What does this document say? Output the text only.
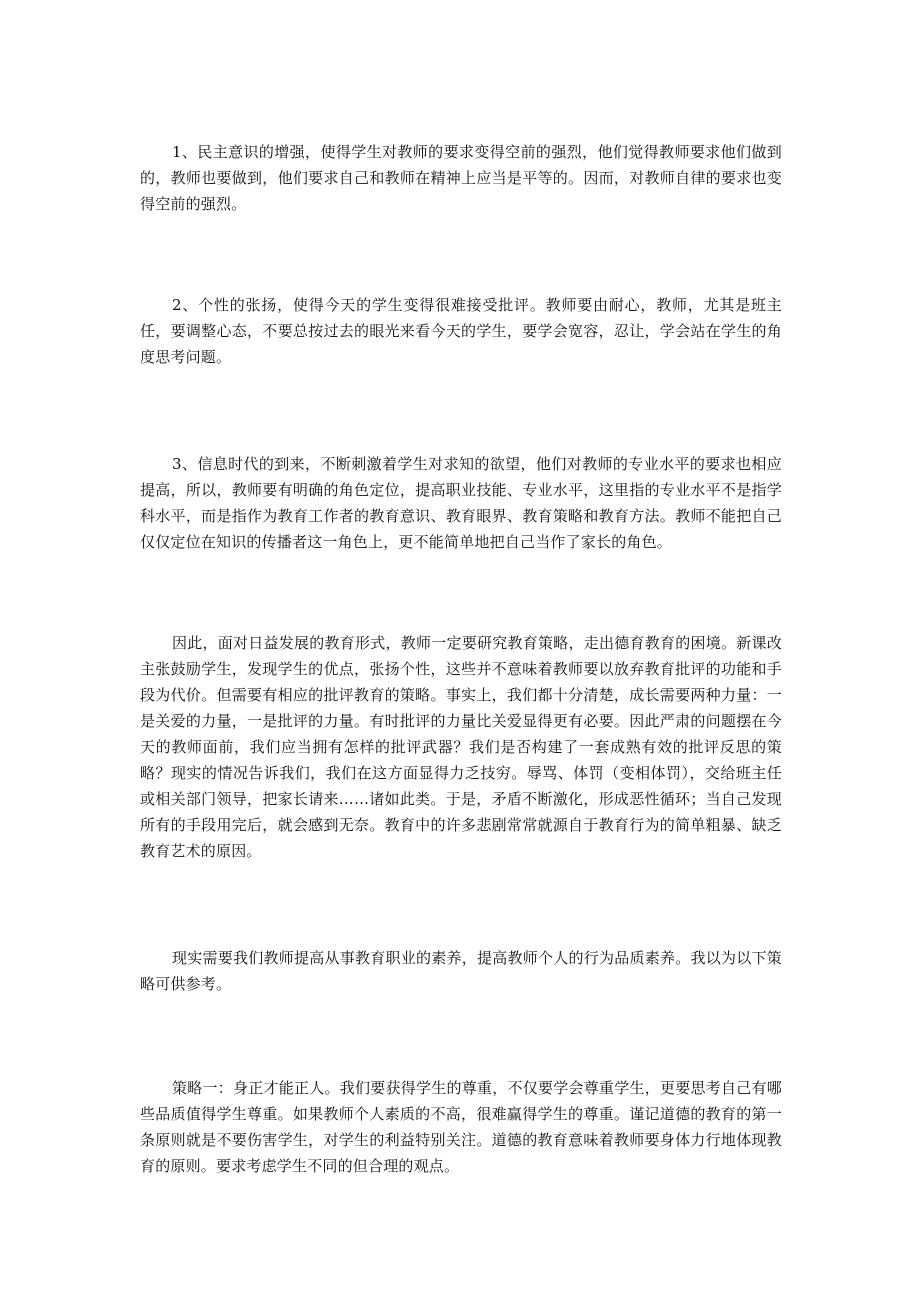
1、民主意识的增强，使得学生对教师的要求变得空前的强烈，他们觉得教师要求他们做到的，教师也要做到，他们要求自己和教师在精神上应当是平等的。因而，对教师自律的要求也变得空前的强烈。

2、个性的张扬，使得今天的学生变得很难接受批评。教师要由耐心，教师，尤其是班主任，要调整心态，不要总按过去的眼光来看今天的学生，要学会宽容，忍让，学会站在学生的角度思考问题。

3、信息时代的到来，不断刺激着学生对求知的欲望，他们对教师的专业水平的要求也相应提高，所以，教师要有明确的角色定位，提高职业技能、专业水平，这里指的专业水平不是指学科水平，而是指作为教育工作者的教育意识、教育眼界、教育策略和教育方法。教师不能把自己仅仅定位在知识的传播者这一角色上，更不能简单地把自己当作了家长的角色。

因此，面对日益发展的教育形式，教师一定要研究教育策略，走出德育教育的困境。新课改主张鼓励学生，发现学生的优点，张扬个性，这些并不意味着教师要以放弃教育批评的功能和手段为代价。但需要有相应的批评教育的策略。事实上，我们都十分清楚，成长需要两种力量：一是关爱的力量，一是批评的力量。有时批评的力量比关爱显得更有必要。因此严肃的问题摆在今天的教师面前，我们应当拥有怎样的批评武器？我们是否构建了一套成熟有效的批评反思的策略？现实的情况告诉我们，我们在这方面显得力乏技穷。辱骂、体罚（变相体罚），交给班主任或相关部门领导，把家长请来……诸如此类。于是，矛盾不断激化，形成恶性循环；当自己发现所有的手段用完后，就会感到无奈。教育中的许多悲剧常常就源自于教育行为的简单粗暴、缺乏教育艺术的原因。

现实需要我们教师提高从事教育职业的素养，提高教师个人的行为品质素养。我以为以下策略可供参考。

策略一：身正才能正人。我们要获得学生的尊重，不仅要学会尊重学生，更要思考自己有哪些品质值得学生尊重。如果教师个人素质的不高，很难赢得学生的尊重。谨记道德的教育的第一条原则就是不要伤害学生，对学生的利益特别关注。道德的教育意味着教师要身体力行地体现教育的原则。要求考虑学生不同的但合理的观点。
